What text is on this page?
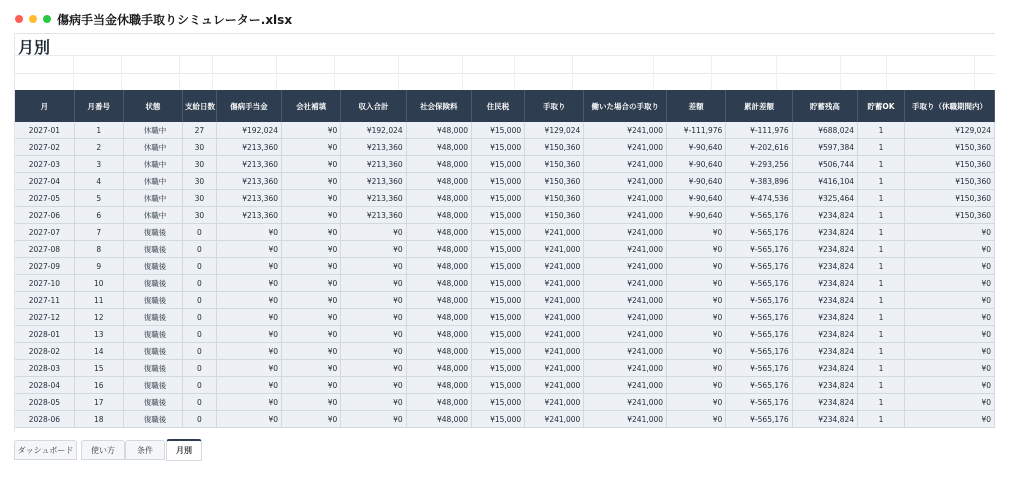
傷病手当金休職手取りシミュレーター.xlsx
月別
月	月番号	状態	支給日数	傷病手当金	会社補填	収入合計	社会保険料	住民税	手取り	働いた場合の手取り	差額	累計差額	貯蓄残高	貯蓄OK	手取り（休職期間内）
2027-01	1	休職中	27	¥192,024	¥0	¥192,024	¥48,000	¥15,000	¥129,024	¥241,000	¥-111,976	¥-111,976	¥688,024	1	¥129,024
2027-02	2	休職中	30	¥213,360	¥0	¥213,360	¥48,000	¥15,000	¥150,360	¥241,000	¥-90,640	¥-202,616	¥597,384	1	¥150,360
2027-03	3	休職中	30	¥213,360	¥0	¥213,360	¥48,000	¥15,000	¥150,360	¥241,000	¥-90,640	¥-293,256	¥506,744	1	¥150,360
2027-04	4	休職中	30	¥213,360	¥0	¥213,360	¥48,000	¥15,000	¥150,360	¥241,000	¥-90,640	¥-383,896	¥416,104	1	¥150,360
2027-05	5	休職中	30	¥213,360	¥0	¥213,360	¥48,000	¥15,000	¥150,360	¥241,000	¥-90,640	¥-474,536	¥325,464	1	¥150,360
2027-06	6	休職中	30	¥213,360	¥0	¥213,360	¥48,000	¥15,000	¥150,360	¥241,000	¥-90,640	¥-565,176	¥234,824	1	¥150,360
2027-07	7	復職後	0	¥0	¥0	¥0	¥48,000	¥15,000	¥241,000	¥241,000	¥0	¥-565,176	¥234,824	1	¥0
2027-08	8	復職後	0	¥0	¥0	¥0	¥48,000	¥15,000	¥241,000	¥241,000	¥0	¥-565,176	¥234,824	1	¥0
2027-09	9	復職後	0	¥0	¥0	¥0	¥48,000	¥15,000	¥241,000	¥241,000	¥0	¥-565,176	¥234,824	1	¥0
2027-10	10	復職後	0	¥0	¥0	¥0	¥48,000	¥15,000	¥241,000	¥241,000	¥0	¥-565,176	¥234,824	1	¥0
2027-11	11	復職後	0	¥0	¥0	¥0	¥48,000	¥15,000	¥241,000	¥241,000	¥0	¥-565,176	¥234,824	1	¥0
2027-12	12	復職後	0	¥0	¥0	¥0	¥48,000	¥15,000	¥241,000	¥241,000	¥0	¥-565,176	¥234,824	1	¥0
2028-01	13	復職後	0	¥0	¥0	¥0	¥48,000	¥15,000	¥241,000	¥241,000	¥0	¥-565,176	¥234,824	1	¥0
2028-02	14	復職後	0	¥0	¥0	¥0	¥48,000	¥15,000	¥241,000	¥241,000	¥0	¥-565,176	¥234,824	1	¥0
2028-03	15	復職後	0	¥0	¥0	¥0	¥48,000	¥15,000	¥241,000	¥241,000	¥0	¥-565,176	¥234,824	1	¥0
2028-04	16	復職後	0	¥0	¥0	¥0	¥48,000	¥15,000	¥241,000	¥241,000	¥0	¥-565,176	¥234,824	1	¥0
2028-05	17	復職後	0	¥0	¥0	¥0	¥48,000	¥15,000	¥241,000	¥241,000	¥0	¥-565,176	¥234,824	1	¥0
2028-06	18	復職後	0	¥0	¥0	¥0	¥48,000	¥15,000	¥241,000	¥241,000	¥0	¥-565,176	¥234,824	1	¥0
ダッシュボード	使い方	条件	月別
